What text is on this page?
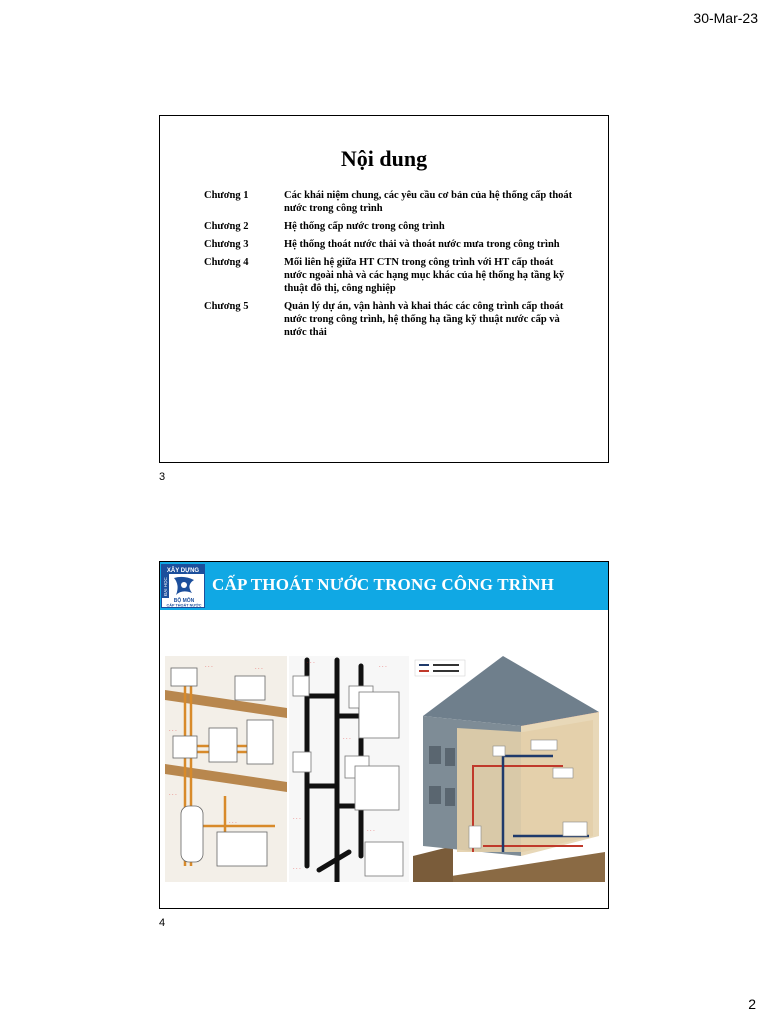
30-Mar-23
Nội dung
Chương 1	Các khái niệm chung, các yêu cầu cơ bản của hệ thống cấp thoát nước trong công trình
Chương 2	Hệ thống cấp nước trong công trình
Chương 3	Hệ thống thoát nước thải và thoát nước mưa trong công trình
Chương 4	Mối liên hệ giữa HT CTN trong công trình với HT cấp thoát nước ngoài nhà và các hạng mục khác của hệ thống hạ tầng kỹ thuật đô thị, công nghiệp
Chương 5	Quản lý dự án, vận hành và khai thác các công trình cấp thoát nước trong công trình, hệ thống hạ tầng kỹ thuật nước cấp và nước thải
3
XÂY DỰNG
ĐẠI HỌC
BỘ MÔN
CẤP THOÁT NƯỚC
CẤP THOÁT NƯỚC TRONG CÔNG TRÌNH
· · ·	· · ·
· · ·
· · ·
· · ·
· · ·
· · ·
· · ·
· · ·
· · ·
· · ·
4
2
